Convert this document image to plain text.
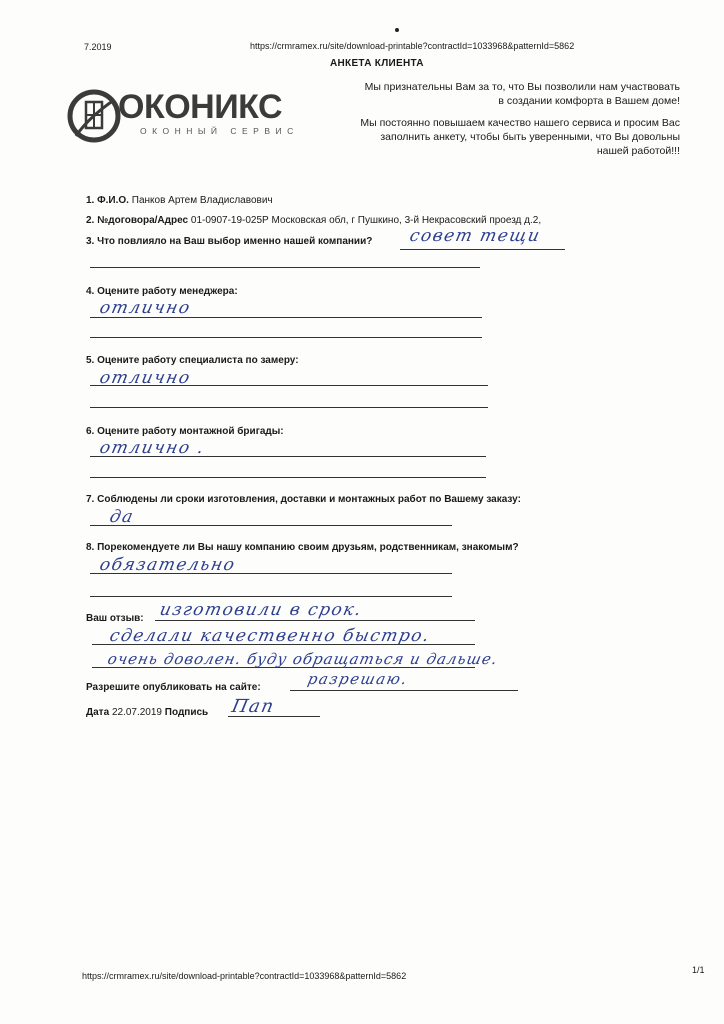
7.2019	https://crmramex.ru/site/download-printable?contractId=1033968&patternId=5862
АНКЕТА КЛИЕНТА
ОКОНИКС
ОКОННЫЙ СЕРВИС

Мы признательны Вам за то, что Вы позволили нам участвовать в создании комфорта в Вашем доме!

Мы постоянно повышаем качество нашего сервиса и просим Вас заполнить анкету, чтобы быть уверенными, что Вы довольны нашей работой!!!

1. Ф.И.О. Панков Артем Владиславович
2. №договора/Адрес 01-0907-19-025Р Московская обл, г Пушкино, 3-й Некрасовский проезд д.2,
3. Что повлияло на Ваш выбор именно нашей компании? совет тещи
4. Оцените работу менеджера:
отлично
5. Оцените работу специалиста по замеру:
отлично
6. Оцените работу монтажной бригады:
отлично .
7. Соблюдены ли сроки изготовления, доставки и монтажных работ по Вашему заказу:
да
8. Порекомендуете ли Вы нашу компанию своим друзьям, родственникам, знакомым?
обязательно
Ваш отзыв: изготовили в срок.
сделали качественно быстро.
очень доволен. буду обращаться и дальше.
Разрешите опубликовать на сайте:	разрешаю.
Дата 22.07.2019 Подпись Пап
https://crmramex.ru/site/download-printable?contractId=1033968&patternId=5862
1/1
